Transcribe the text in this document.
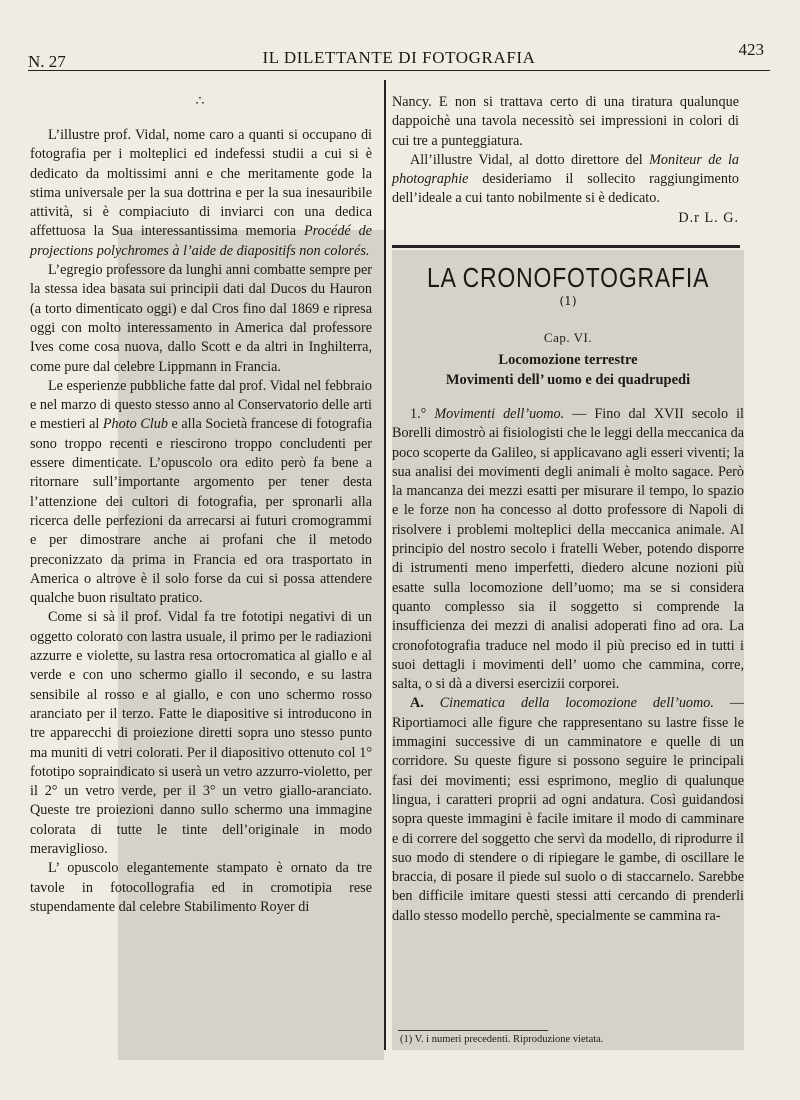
N. 27	IL DILETTANTE DI FOTOGRAFIA	423
∴

L’illustre prof. Vidal, nome caro a quanti si occupano di fotografia per i molteplici ed indefessi studii a cui si è dedicato da moltissimi anni e che meritamente gode la stima universale per la sua dottrina e per la sua inesauribile attività, si è compiaciuto di inviarci con una dedica affettuosa la Sua interessantissima memoria Procédé de projections polychromes à l’aide de diapositifs non colorés.

L’egregio professore da lunghi anni combatte sempre per la stessa idea basata sui principii dati dal Ducos du Hauron (a torto dimenticato oggi) e dal Cros fino dal 1869 e ripresa oggi con molto interessamento in America dal professore Ives come cosa nuova, dallo Scott e da altri in Inghilterra, come pure dal celebre Lippmann in Francia.

Le esperienze pubbliche fatte dal prof. Vidal nel febbraio e nel marzo di questo stesso anno al Conservatorio delle arti e mestieri al Photo Club e alla Società francese di fotografia sono troppo recenti e riescirono troppo concludenti per essere dimenticate. L’opuscolo ora edito però fa bene a ritornare sull’importante argomento per tener desta l’attenzione dei cultori di fotografia, per spronarli alla ricerca delle perfezioni da arrecarsi ai futuri cromogrammi e per dimostrare anche ai profani che il metodo preconizzato da prima in Francia ed ora trasportato in America o altrove è il solo forse da cui si possa attendere qualche buon risultato pratico.

Come si sà il prof. Vidal fa tre fototipi negativi di un oggetto colorato con lastra usuale, il primo per le radiazioni azzurre e violette, su lastra resa ortocromatica al giallo e al verde e con uno schermo giallo il secondo, e su lastra sensibile al rosso e al giallo, e con uno schermo rosso aranciato per il terzo. Fatte le diapositive si introducono in tre apparecchi di proiezione diretti sopra uno stesso punto ma muniti di vetri colorati. Per il diapositivo ottenuto col 1° fototipo sopraindicato si userà un vetro azzurro-violetto, per il 2° un vetro verde, per il 3° un vetro giallo-aranciato. Queste tre proiezioni danno sullo schermo una immagine colorata di tutte le tinte dell’originale in modo meraviglioso.

L’ opuscolo elegantemente stampato è ornato da tre tavole in fotocollografia ed in cromotipia rese stupendamente dal celebre Stabilimento Royer di

Nancy. E non si trattava certo di una tiratura qualunque dappoichè una tavola necessitò sei impressioni in colori di cui tre a punteggiatura.

All’illustre Vidal, al dotto direttore del Moniteur de la photographie desideriamo il sollecito raggiungimento dell’ideale a cui tanto nobilmente si è dedicato.

D.r L. G.

LA CRONOFOTOGRAFIA$^{(1)}$
Cap. VI.
Locomozione terrestre
Movimenti dell’ uomo e dei quadrupedi

1.° Movimenti dell’uomo. — Fino dal XVII secolo il Borelli dimostrò ai fisiologisti che le leggi della meccanica da poco scoperte da Galileo, si applicavano agli esseri viventi; la sua analisi dei movimenti degli animali è molto sagace. Però la mancanza dei mezzi esatti per misurare il tempo, lo spazio e le forze non ha concesso al dotto professore di Napoli di risolvere i problemi molteplici della meccanica animale. Al principio del nostro secolo i fratelli Weber, potendo disporre di istrumenti meno imperfetti, diedero alcune nozioni più esatte sulla locomozione dell’uomo; ma se si considera quanto complesso sia il soggetto si comprende la insufficienza dei mezzi di analisi adoperati fino ad ora. La cronofotografia traduce nel modo il più preciso ed in tutti i suoi dettagli i movimenti dell’ uomo che cammina, corre, salta, o si dà a diversi esercizii corporei.

A. Cinematica della locomozione dell’uomo. — Riportiamoci alle figure che rappresentano su lastre fisse le immagini successive di un camminatore e quelle di un corridore. Su queste figure si possono seguire le principali fasi dei movimenti; essi esprimono, meglio di qualunque lingua, i caratteri proprii ad ogni andatura. Così guidandosi sopra queste immagini è facile imitare il modo di camminare e di correre del soggetto che servì da modello, di riprodurre il suo modo di stendere o di ripiegare le gambe, di oscillare le braccia, di posare il piede sul suolo o di staccarnelo. Sarebbe ben difficile imitare questi stessi atti cercando di prenderli dallo stesso modello perchè, specialmente se cammina ra-

(1) V. i numeri precedenti. Riproduzione vietata.
